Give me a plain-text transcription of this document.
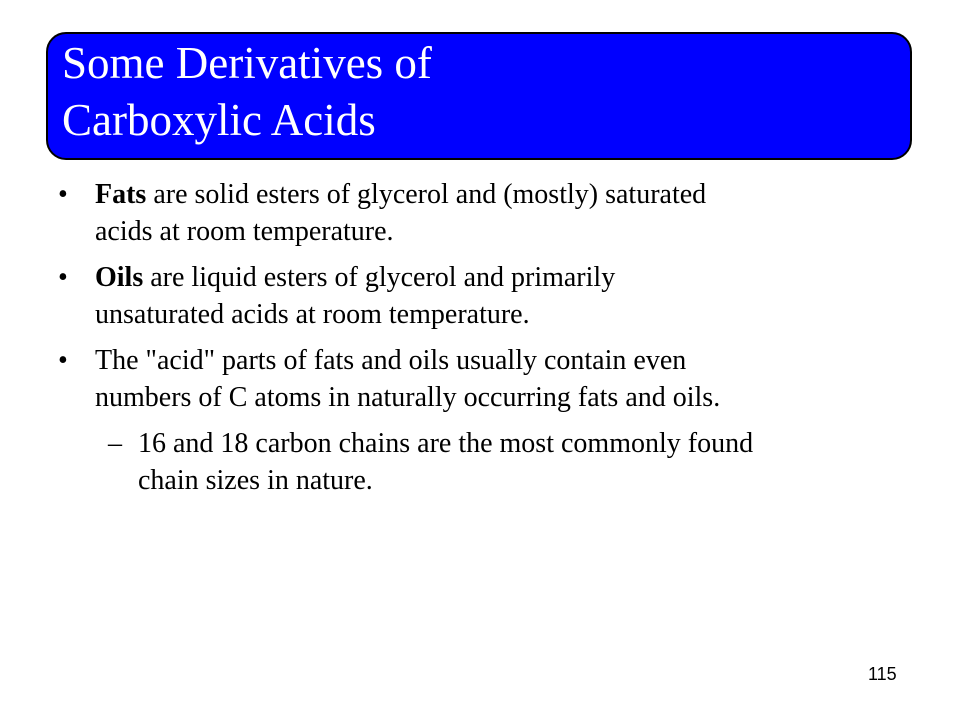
Some Derivatives of
Carboxylic Acids
• Fats are solid esters of glycerol and (mostly) saturated
acids at room temperature.
• Oils are liquid esters of glycerol and primarily
unsaturated acids at room temperature.
• The "acid" parts of fats and oils usually contain even
numbers of C atoms in naturally occurring fats and oils.
– 16 and 18 carbon chains are the most commonly found
chain sizes in nature.
115
